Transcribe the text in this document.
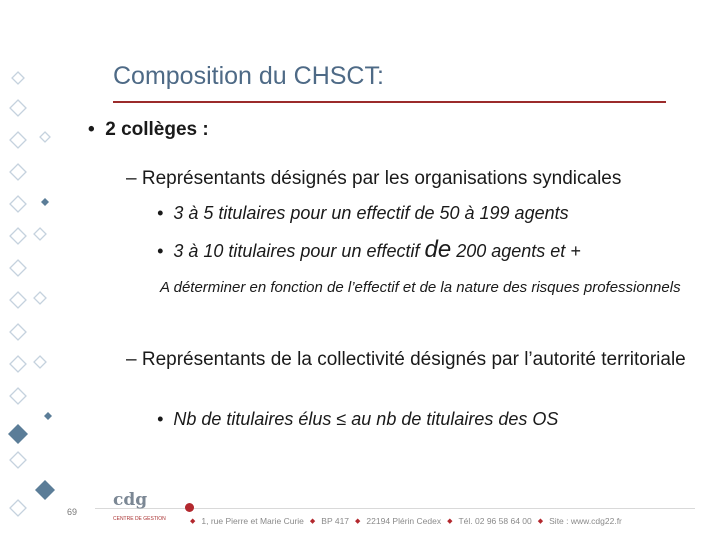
Composition du CHSCT:
• 2 collèges :
– Représentants désignés par les organisations syndicales
• 3 à 5 titulaires pour un effectif de 50 à 199 agents
• 3 à 10 titulaires pour un effectif de 200 agents et +
A déterminer en fonction de l’effectif et de la nature des risques professionnels
– Représentants de la collectivité désignés par l’autorité territoriale
• Nb de titulaires élus ≤ au nb de titulaires des OS
69
cdg
CENTRE DE GESTION	◆ 1, rue Pierre et Marie Curie ◆ BP 417 ◆ 22194 Plérin Cedex ◆ Tél. 02 96 58 64 00 ◆ Site : www.cdg22.fr
